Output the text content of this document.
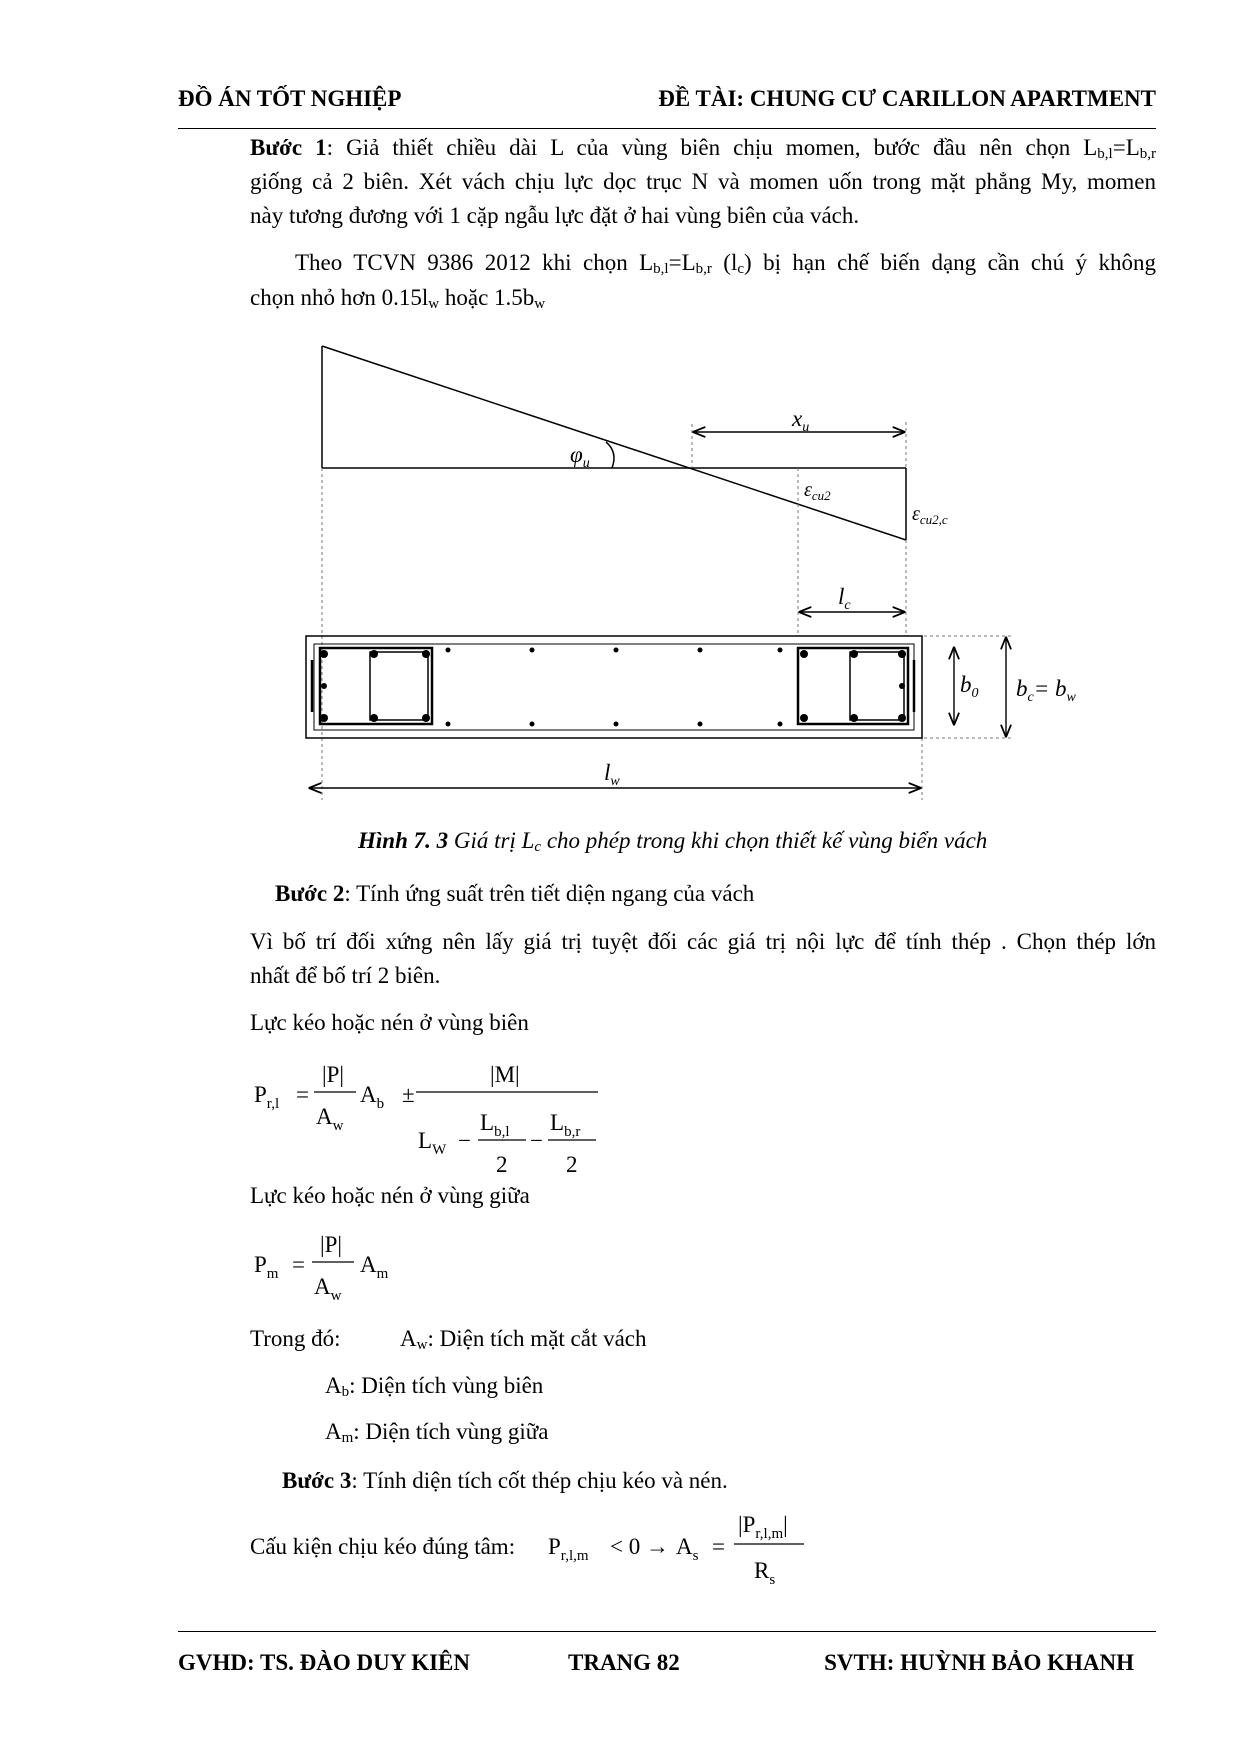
ĐỒ ÁN TỐT NGHIỆP	ĐỀ TÀI: CHUNG CƯ CARILLON APARTMENT
Bước 1: Giả thiết chiều dài L của vùng biên chịu momen, bước đầu nên chọn $L_{b,l}=L_{b,r}$
giống cả 2 biên. Xét vách chịu lực dọc trục N và momen uốn trong mặt phẳng My, momen
này tương đương với 1 cặp ngẫu lực đặt ở hai vùng biên của vách.
Theo TCVN 9386 2012 khi chọn $L_{b,l}=L_{b,r}$ $(l_c)$ bị hạn chế biến dạng cần chú ý không
chọn nhỏ hơn $0.15l_w$ hoặc $1.5b_w$
$x_u$
$\varphi_u$
$\varepsilon_{cu2}$
$\varepsilon_{cu2,c}$
$l_c$
$b_0$ $b_c= b_w$
$l_w$
Hình 7. 3 Giá trị $L_c$ cho phép trong khi chọn thiết kế vùng biển vách
Bước 2: Tính ứng suất trên tiết diện ngang của vách
Vì bố trí đối xứng nên lấy giá trị tuyệt đối các giá trị nội lực để tính thép . Chọn thép lớn
nhất để bố trí 2 biên.
Lực kéo hoặc nén ở vùng biên
$P_{r,l}$ =
|P|
$A_w$
$A_b$ ±
|M|
$L_W$ −
$L_{b,l}$
2
−
$L_{b,r}$
2
Lực kéo hoặc nén ở vùng giữa
$P_m$ =
|P|
$A_w$
$A_m$
Trong đó:	$A_w$: Diện tích mặt cắt vách
$A_b$: Diện tích vùng biên
$A_m$: Diện tích vùng giữa
Bước 3: Tính diện tích cốt thép chịu kéo và nén.
Cấu kiện chịu kéo đúng tâm: $P_{r,l,m} < 0 \to A_s$ =
$|P_{r,l,m}|$
$R_s$
GVHD: TS. ĐÀO DUY KIÊN	TRANG 82	SVTH: HUỲNH BẢO KHANH
